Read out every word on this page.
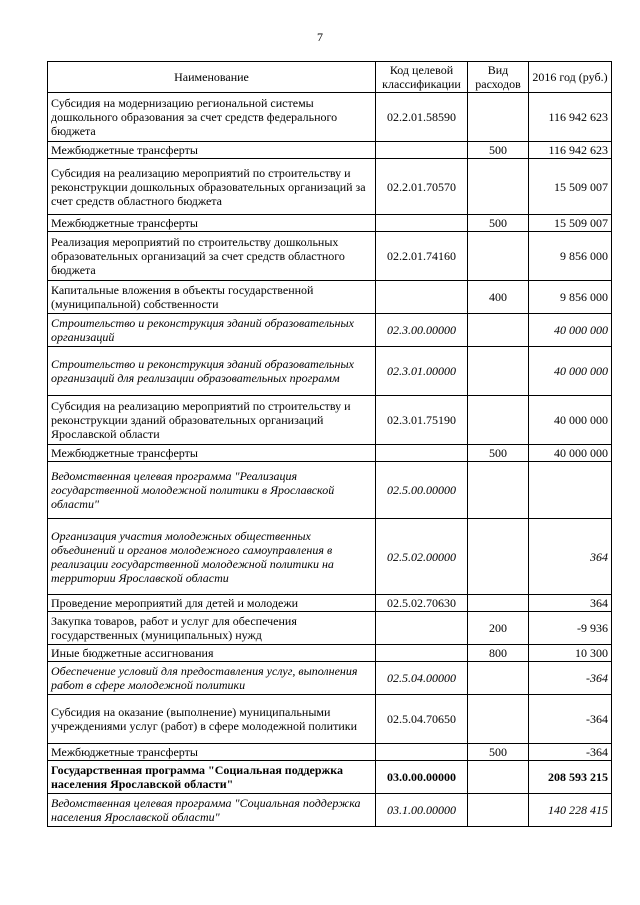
7
Наименование	Код целевой классификации	Вид расходов	2016 год (руб.)
Субсидия на модернизацию региональной системы дошкольного образования за счет средств федерального бюджета	02.2.01.58590		116 942 623
Межбюджетные трансферты		500	116 942 623
Субсидия на реализацию мероприятий по строительству и реконструкции дошкольных образовательных организаций за счет средств областного бюджета	02.2.01.70570		15 509 007
Межбюджетные трансферты		500	15 509 007
Реализация мероприятий по строительству дошкольных образовательных организаций за счет средств областного бюджета	02.2.01.74160		9 856 000
Капитальные вложения в объекты государственной (муниципальной) собственности		400	9 856 000
Строительство и реконструкция зданий образовательных организаций	02.3.00.00000		40 000 000
Строительство и реконструкция зданий образовательных организаций для реализации образовательных программ	02.3.01.00000		40 000 000
Субсидия на реализацию мероприятий по строительству и реконструкции зданий образовательных организаций Ярославской области	02.3.01.75190		40 000 000
Межбюджетные трансферты		500	40 000 000
Ведомственная целевая программа "Реализация государственной молодежной политики в Ярославской области"	02.5.00.00000		
Организация участия молодежных общественных объединений и органов молодежного самоуправления в реализации государственной молодежной политики на территории Ярославской области	02.5.02.00000		364
Проведение мероприятий для детей и молодежи	02.5.02.70630		364
Закупка товаров, работ и услуг для обеспечения государственных (муниципальных) нужд		200	-9 936
Иные бюджетные ассигнования		800	10 300
Обеспечение условий для предоставления услуг, выполнения работ в сфере молодежной политики	02.5.04.00000		-364
Субсидия на оказание (выполнение) муниципальными учреждениями услуг (работ) в сфере молодежной политики	02.5.04.70650		-364
Межбюджетные трансферты		500	-364
Государственная программа "Социальная поддержка населения Ярославской области"	03.0.00.00000		208 593 215
Ведомственная целевая программа "Социальная поддержка населения Ярославской области"	03.1.00.00000		140 228 415
